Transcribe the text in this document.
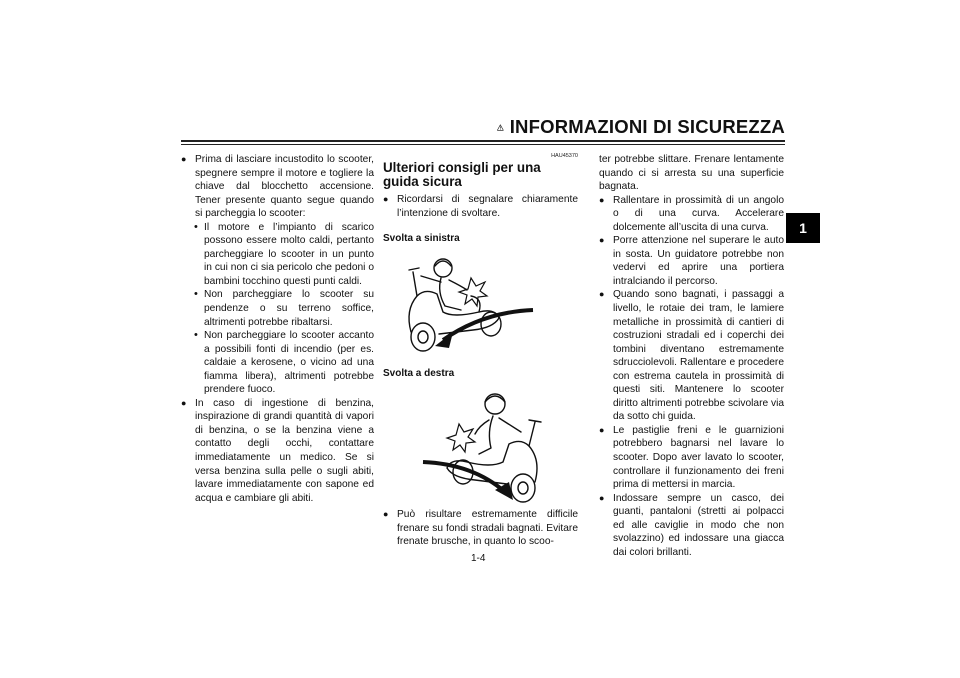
INFORMAZIONI DI SICUREZZA
1
● Prima di lasciare incustodito lo scooter, spegnere sempre il motore e togliere la chiave dal blocchetto accensione. Tener presente quanto segue quando si parcheggia lo scooter:
• Il motore e l’impianto di scarico possono essere molto caldi, pertanto parcheggiare lo scooter in un punto in cui non ci sia pericolo che pedoni o bambini tocchino questi punti caldi.
• Non parcheggiare lo scooter su pendenze o su terreno soffice, altrimenti potrebbe ribaltarsi.
• Non parcheggiare lo scooter accanto a possibili fonti di incendio (per es. caldaie a kerosene, o vicino ad una fiamma libera), altrimenti potrebbe prendere fuoco.
● In caso di ingestione di benzina, inspirazione di grandi quantità di vapori di benzina, o se la benzina viene a contatto degli occhi, contattare immediatamente un medico. Se si versa benzina sulla pelle o sugli abiti, lavare immediatamente con sapone ed acqua e cambiare gli abiti.
HAU45370
Ulteriori consigli per una guida sicura
● Ricordarsi di segnalare chiaramente l’intenzione di svoltare.
Svolta a sinistra
Svolta a destra
● Può risultare estremamente difficile frenare su fondi stradali bagnati. Evitare frenate brusche, in quanto lo scoo-
ter potrebbe slittare. Frenare lentamente quando ci si arresta su una superficie bagnata.
● Rallentare in prossimità di un angolo o di una curva. Accelerare dolcemente all’uscita di una curva.
● Porre attenzione nel superare le auto in sosta. Un guidatore potrebbe non vedervi ed aprire una portiera intralciando il percorso.
● Quando sono bagnati, i passaggi a livello, le rotaie dei tram, le lamiere metalliche in prossimità di cantieri di costruzioni stradali ed i coperchi dei tombini diventano estremamente sdrucciolevoli. Rallentare e procedere con estrema cautela in prossimità di questi siti. Mantenere lo scooter diritto altrimenti potrebbe scivolare via da sotto chi guida.
● Le pastiglie freni e le guarnizioni potrebbero bagnarsi nel lavare lo scooter. Dopo aver lavato lo scooter, controllare il funzionamento dei freni prima di mettersi in marcia.
● Indossare sempre un casco, dei guanti, pantaloni (stretti ai polpacci ed alle caviglie in modo che non svolazzino) ed indossare una giacca dai colori brillanti.
1-4
